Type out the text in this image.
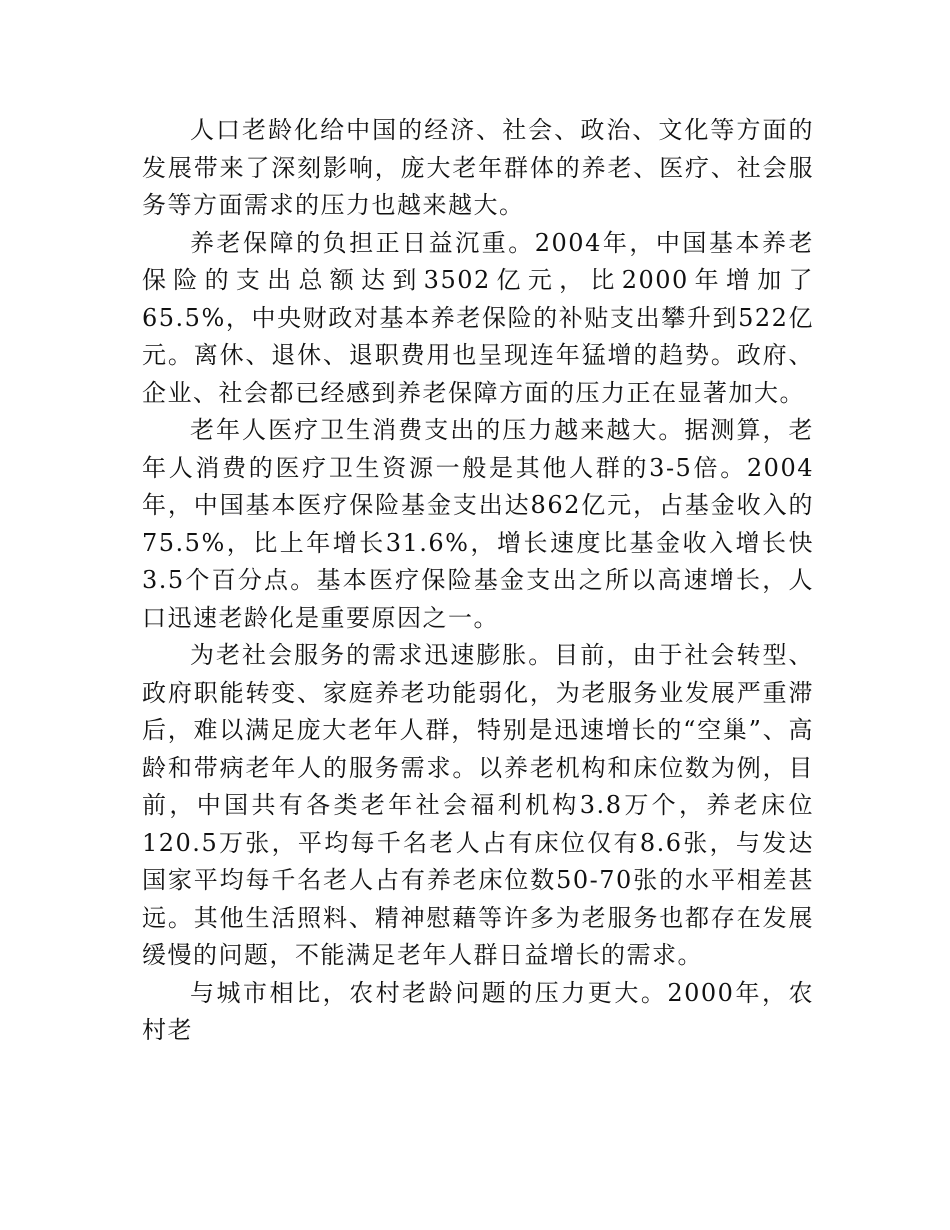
人口老龄化给中国的经济、社会、政治、文化等方面的发展带来了深刻影响，庞大老年群体的养老、医疗、社会服务等方面需求的压力也越来越大。

养老保障的负担正日益沉重。2004年，中国基本养老保险的支出总额达到3502亿元，比2000年增加了65.5%，中央财政对基本养老保险的补贴支出攀升到522亿元。离休、退休、退职费用也呈现连年猛增的趋势。政府、企业、社会都已经感到养老保障方面的压力正在显著加大。

老年人医疗卫生消费支出的压力越来越大。据测算，老年人消费的医疗卫生资源一般是其他人群的3-5倍。2004年，中国基本医疗保险基金支出达862亿元，占基金收入的75.5%，比上年增长31.6%，增长速度比基金收入增长快3.5个百分点。基本医疗保险基金支出之所以高速增长，人口迅速老龄化是重要原因之一。

为老社会服务的需求迅速膨胀。目前，由于社会转型、政府职能转变、家庭养老功能弱化，为老服务业发展严重滞后，难以满足庞大老年人群，特别是迅速增长的“空巢”、高龄和带病老年人的服务需求。以养老机构和床位数为例，目前，中国共有各类老年社会福利机构3.8万个，养老床位120.5万张，平均每千名老人占有床位仅有8.6张，与发达国家平均每千名老人占有养老床位数50-70张的水平相差甚远。其他生活照料、精神慰藉等许多为老服务也都存在发展缓慢的问题，不能满足老年人群日益增长的需求。

与城市相比，农村老龄问题的压力更大。2000年，农村老
